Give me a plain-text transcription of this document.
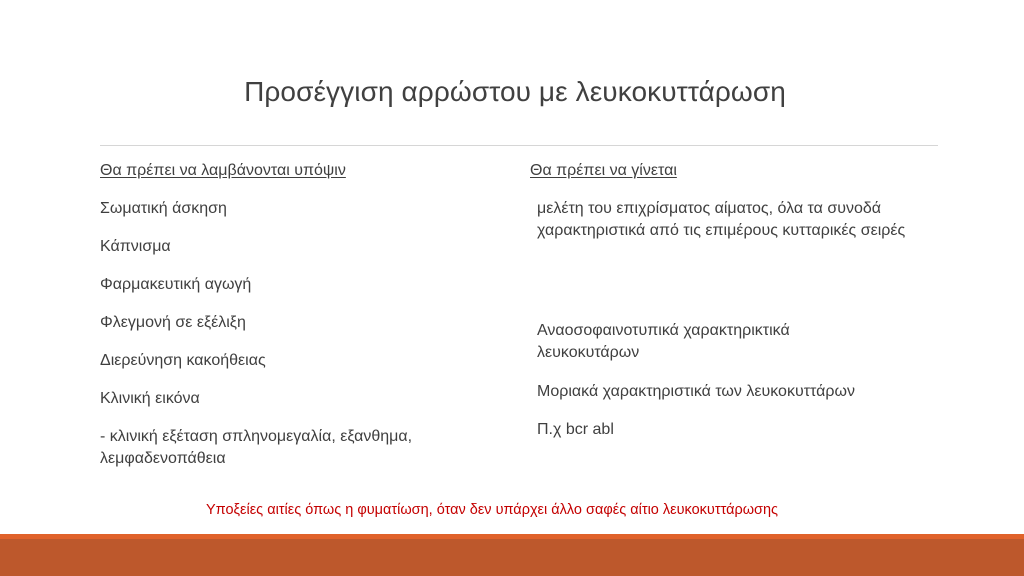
Προσέγγιση αρρώστου με λευκοκυττάρωση
Θα πρέπει να λαμβάνονται υπόψιν
Σωματική άσκηση
Κάπνισμα
Φαρμακευτική αγωγή
Φλεγμονή σε εξέλιξη
Διερεύνηση κακοήθειας
Κλινική εικόνα
- κλινική εξέταση σπληνομεγαλία, εξανθημα, λεμφαδενοπάθεια
Θα πρέπει να γίνεται
μελέτη του επιχρίσματος αίματος, όλα τα συνοδά χαρακτηριστικά από τις επιμέρους κυτταρικές σειρές
Αναοσοφαινοτυπικά χαρακτηρικτικά λευκοκυτάρων
Μοριακά χαρακτηριστικά των λευκοκυττάρων
Π.χ bcr abl
Υποξείες αιτίες όπως η φυματίωση, όταν δεν υπάρχει άλλο σαφές αίτιο λευκοκυττάρωσης
